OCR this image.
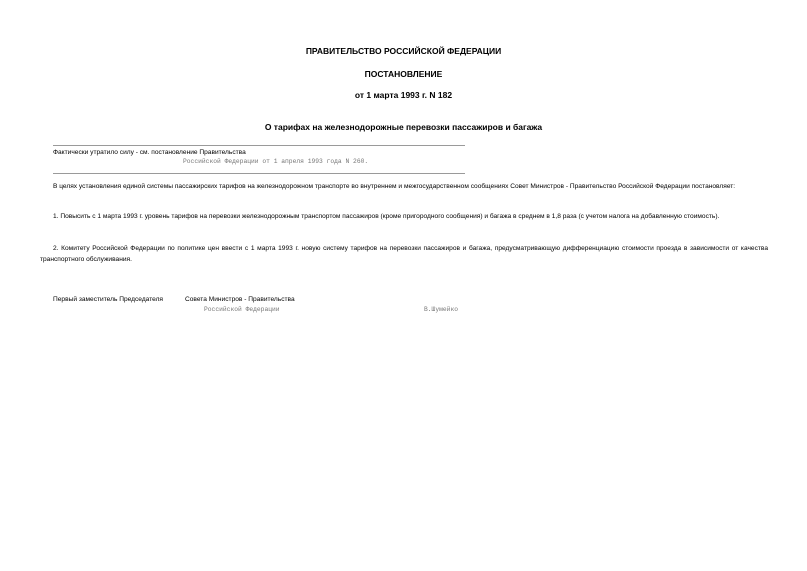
ПРАВИТЕЛЬСТВО РОССИЙСКОЙ ФЕДЕРАЦИИ
ПОСТАНОВЛЕНИЕ
от 1 марта 1993 г. N 182
О тарифах на железнодорожные перевозки пассажиров и багажа
Фактически утратило силу - см. постановление Правительства
Российской Федерации от 1 апреля 1993 года N 260.
В целях установления единой системы пассажирских тарифов на железнодорожном транспорте во внутреннем и межгосударственном сообщениях Совет Министров - Правительство Российской Федерации постановляет:
1. Повысить с 1 марта 1993 г. уровень тарифов на перевозки железнодорожным транспортом пассажиров (кроме пригородного сообщения) и багажа в среднем в 1,8 раза (с учетом налога на добавленную стоимость).
2. Комитету Российской Федерации по политике цен ввести с 1 марта 1993 г. новую систему тарифов на перевозки пассажиров и багажа, предусматривающую дифференциацию стоимости проезда в зависимости от качества транспортного обслуживания.
Первый заместитель Председателя	Совета Министров - Правительства
Российской Федерации	В.Шумейко
